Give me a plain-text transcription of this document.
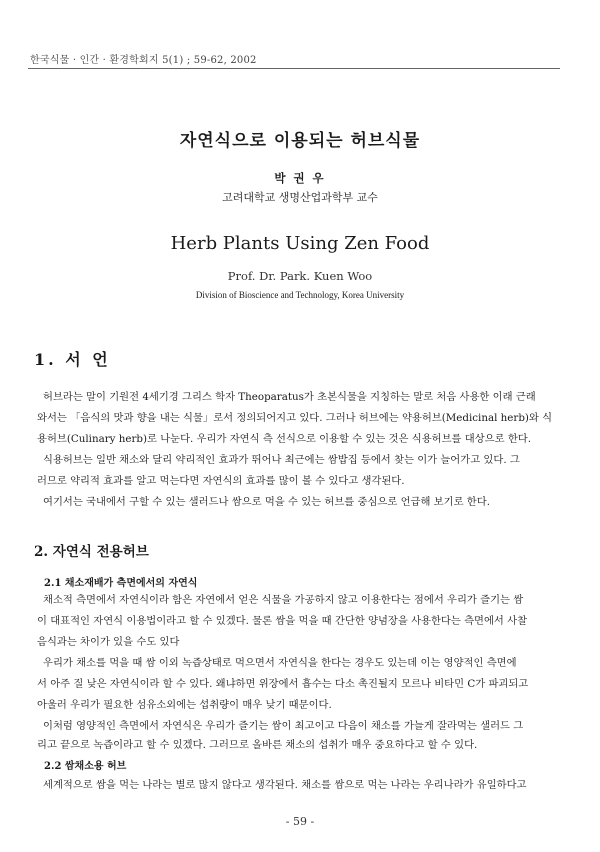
한국식물 · 인간 · 환경학회지 5(1) ; 59-62, 2002
자연식으로 이용되는 허브식물
박 권 우
고려대학교 생명산업과학부 교수
Herb Plants Using Zen Food
Prof. Dr. Park. Kuen Woo
Division of Bioscience and Technology, Korea University
1. 서 언
허브라는 말이 기원전 4세기경 그리스 학자 Theoparatus가 초본식물을 지칭하는 말로 처음 사용한 이래 근래
와서는 「음식의 맛과 향을 내는 식물」로서 정의되어지고 있다. 그러나 허브에는 약용허브(Medicinal herb)와 식
용허브(Culinary herb)로 나눈다. 우리가 자연식 측 선식으로 이용할 수 있는 것은 식용허브를 대상으로 한다.
식용허브는 일반 채소와 달리 약리적인 효과가 뛰어나 최근에는 쌈밥집 등에서 찾는 이가 늘어가고 있다. 그
러므로 약리적 효과를 알고 먹는다면 자연식의 효과를 많이 볼 수 있다고 생각된다.
여기서는 국내에서 구할 수 있는 샐러드나 쌈으로 먹을 수 있는 허브를 중심으로 언급해 보기로 한다.
2. 자연식 전용허브
2.1 채소재배가 측면에서의 자연식
채소적 측면에서 자연식이라 함은 자연에서 얻은 식물을 가공하지 않고 이용한다는 점에서 우리가 즐기는 쌈
이 대표적인 자연식 이용법이라고 할 수 있겠다. 물론 쌈을 먹을 때 간단한 양념장을 사용한다는 측면에서 사찰
음식과는 차이가 있을 수도 있다
우리가 채소를 먹을 때 쌈 이외 녹즙상태로 먹으면서 자연식을 한다는 경우도 있는데 이는 영양적인 측면에
서 아주 질 낮은 자연식이라 할 수 있다. 왜냐하면 위장에서 흡수는 다소 촉진될지 모르나 비타민 C가 파괴되고
아울러 우리가 필요한 섬유소외에는 섭취량이 매우 낮기 때문이다.
이처럼 영양적인 측면에서 자연식은 우리가 즐기는 쌈이 최고이고 다음이 채소를 가늘게 잘라먹는 샐러드 그
리고 끝으로 녹즙이라고 할 수 있겠다. 그러므로 올바른 채소의 섭취가 매우 중요하다고 할 수 있다.
2.2 쌈채소용 허브
세계적으로 쌈을 먹는 나라는 별로 많지 않다고 생각된다. 채소를 쌈으로 먹는 나라는 우리나라가 유일하다고
- 59 -
